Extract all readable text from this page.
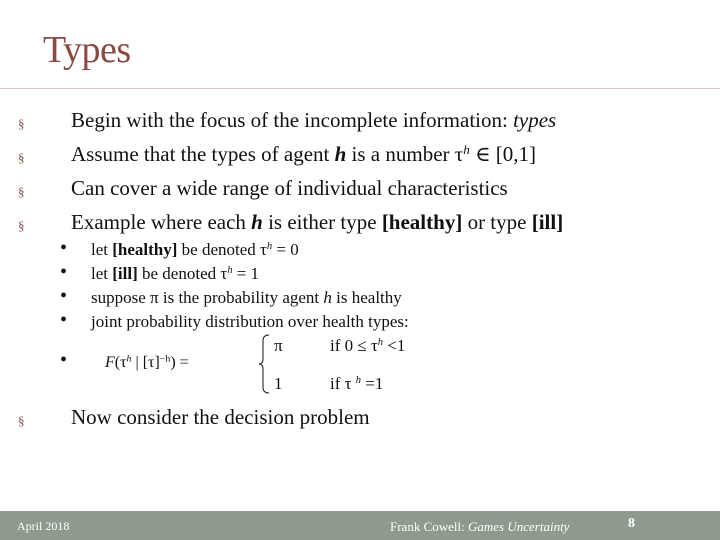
Types
§ Begin with the focus of the incomplete information: types
§ Assume that the types of agent h is a number $\tau^h$ ∈ [0,1]
§ Can cover a wide range of individual characteristics
§ Example where each h is either type [healthy] or type [ill]
• let [healthy] be denoted $\tau^h = 0$
• let [ill] be denoted $\tau^h = 1$
• suppose π is the probability agent h is healthy
• joint probability distribution over health types:
• $F(\tau^h$ | $[\tau]^{-h}$) =
π	if $0 \le \tau^h <1$
1	if τ $^h$ =1
§ Now consider the decision problem
April 2018	Frank Cowell: Games Uncertainty	8
